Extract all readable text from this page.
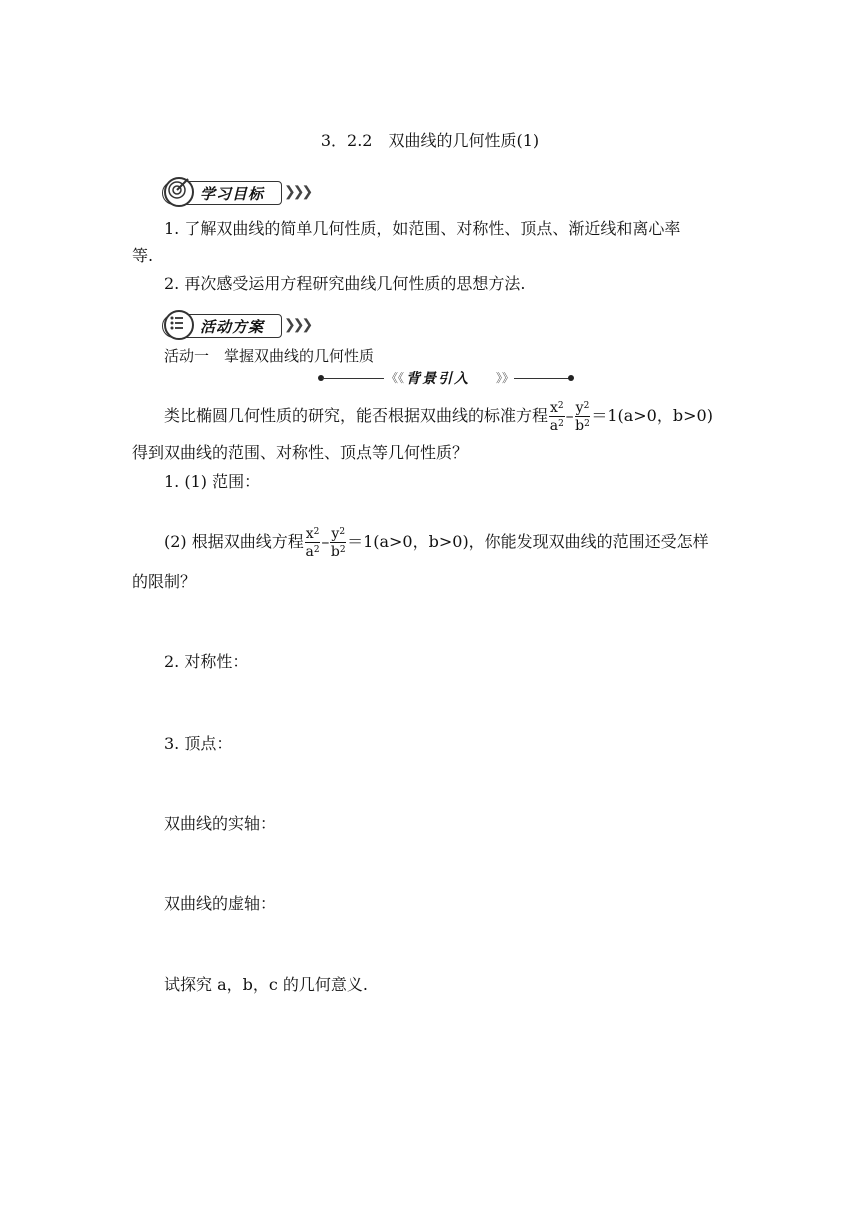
3．2.2　双曲线的几何性质(1)
学习目标 ❯❯❯
1. 了解双曲线的简单几何性质，如范围、对称性、顶点、渐近线和离心率
等.
2. 再次感受运用方程研究曲线几何性质的思想方法.
活动方案 ❯❯❯
活动一　掌握双曲线的几何性质
《《 背景引入 》》
类比椭圆几何性质的研究，能否根据双曲线的标准方程 $\frac{x^2}{a^2} - \frac{y^2}{b^2} =1(a>0$，b>0)
得到双曲线的范围、对称性、顶点等几何性质？
1. (1) 范围：
(2) 根据双曲线方程 $\frac{x^2}{a^2} - \frac{y^2}{b^2} =1(a>0$，b>0)，你能发现双曲线的范围还受怎样
的限制？
2. 对称性：
3. 顶点：
双曲线的实轴：
双曲线的虚轴：
试探究 a，b，c 的几何意义.
